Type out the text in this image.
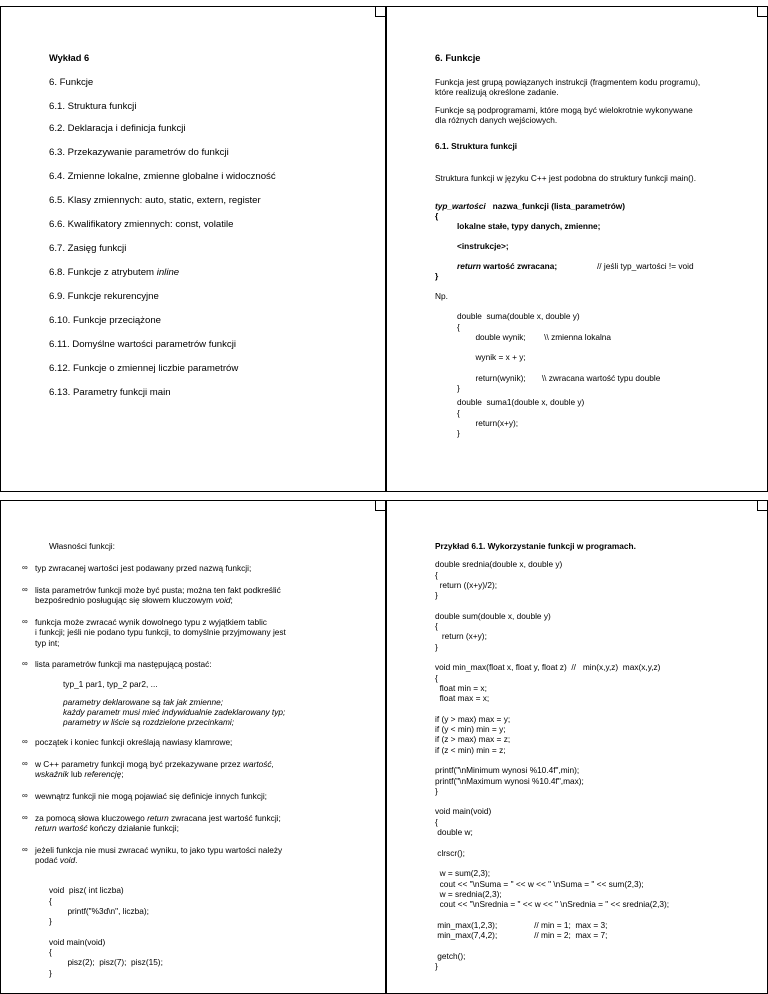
Wykład 6
6. Funkcje
6.1. Struktura funkcji
6.2. Deklaracja i definicja funkcji
6.3. Przekazywanie parametrów do funkcji
6.4. Zmienne lokalne, zmienne globalne i widoczność
6.5. Klasy zmiennych: auto, static, extern, register
6.6. Kwalifikatory zmiennych: const, volatile
6.7. Zasięg funkcji
6.8. Funkcje z atrybutem inline
6.9. Funkcje rekurencyjne
6.10. Funkcje przeciążone
6.11. Domyślne wartości parametrów funkcji
6.12. Funkcje o zmiennej liczbie parametrów
6.13. Parametry funkcji main
6. Funkcje
Funkcja jest grupą powiązanych instrukcji (fragmentem kodu programu),
które realizują określone zadanie.
Funkcje są podprogramami, które mogą być wielokrotnie wykonywane
dla różnych danych wejściowych.
6.1. Struktura funkcji
Struktura funkcji w języku C++ jest podobna do struktury funkcji main().
typ_wartości nazwa_funkcji (lista_parametrów)
{
lokalne stałe, typy danych, zmienne;
<instrukcje>;
return wartość zwracana;	// jeśli typ_wartości != void
}
Np.

double  suma(double x, double y)
{
double wynik;        \\ zmienna lokalna

wynik = x + y;

return(wynik);       \\ zwracana wartość typu double
}

double  suma1(double x, double y)
{
return(x+y);
}
Własności funkcji:
∞ typ zwracanej wartości jest podawany przed nazwą funkcji;
∞ lista parametrów funkcji może być pusta; można ten fakt podkreślić
bezpośrednio posługując się słowem kluczowym void;
∞ funkcja może zwracać wynik dowolnego typu z wyjątkiem tablic
i funkcji; jeśli nie podano typu funkcji, to domyślnie przyjmowany jest
typ int;
∞ lista parametrów funkcji ma następującą postać:
typ_1 par1, typ_2 par2, ...
parametry deklarowane są tak jak zmienne;
każdy parametr musi mieć indywidualnie zadeklarowany typ;
parametry w liście są rozdzielone przecinkami;
∞ początek i koniec funkcji określają nawiasy klamrowe;
∞ w C++ parametry funkcji mogą być przekazywane przez wartość,
wskaźnik lub referencję;
∞ wewnątrz funkcji nie mogą pojawiać się definicje innych funkcji;
∞ za pomocą słowa kluczowego return zwracana jest wartość funkcji;
return wartość kończy działanie funkcji;
∞ jeżeli funkcja nie musi zwracać wyniku, to jako typu wartości należy
podać void.

void  pisz( int liczba)
{
printf("%3d\n", liczba);
}

void main(void)
{
pisz(2);  pisz(7);  pisz(15);
}
Przykład 6.1. Wykorzystanie funkcji w programach.

double srednia(double x, double y)
{
return ((x+y)/2);
}

double sum(double x, double y)
{
return (x+y);
}

void min_max(float x, float y, float z)  //   min(x,y,z)  max(x,y,z)
{
float min = x;
float max = x;

if (y > max) max = y;
if (y < min) min = y;
if (z > max) max = z;
if (z < min) min = z;

printf("\nMinimum wynosi %10.4f",min);
printf("\nMaximum wynosi %10.4f",max);
}

void main(void)
{
double w;

clrscr();

w = sum(2,3);
cout << "\nSuma = " << w << " \nSuma = " << sum(2,3);
w = srednia(2,3);
cout << "\nSrednia = " << w << " \nSrednia = " << srednia(2,3);

min_max(1,2,3);                // min = 1;  max = 3;
min_max(7,4,2);                // min = 2;  max = 7;

getch();
}
